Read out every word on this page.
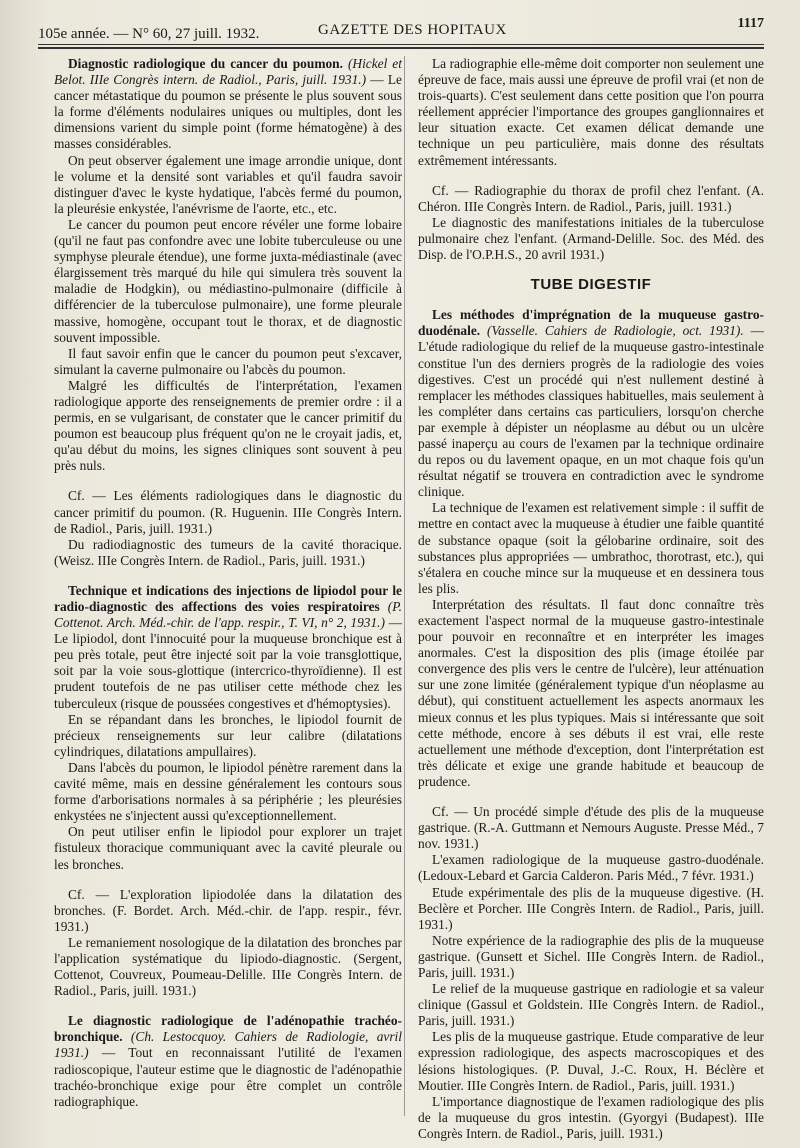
105e année. — N° 60, 27 juill. 1932.	GAZETTE DES HOPITAUX	1117

Diagnostic radiologique du cancer du poumon. (Hickel et Belot. IIIe Congrès intern. de Radiol., Paris, juill. 1931.) — Le cancer métastatique du poumon se présente le plus souvent sous la forme d'éléments nodulaires uniques ou multiples, dont les dimensions varient du simple point (forme hématogène) à des masses considérables.

On peut observer également une image arrondie unique, dont le volume et la densité sont variables et qu'il faudra savoir distinguer d'avec le kyste hydatique, l'abcès fermé du poumon, la pleurésie enkystée, l'anévrisme de l'aorte, etc., etc.

Le cancer du poumon peut encore révéler une forme lobaire (qu'il ne faut pas confondre avec une lobite tuberculeuse ou une symphyse pleurale étendue), une forme juxta-médiastinale (avec élargissement très marqué du hile qui simulera très souvent la maladie de Hodgkin), ou médiastino-pulmonaire (difficile à différencier de la tuberculose pulmonaire), une forme pleurale massive, homogène, occupant tout le thorax, et de diagnostic souvent impossible.

Il faut savoir enfin que le cancer du poumon peut s'excaver, simulant la caverne pulmonaire ou l'abcès du poumon.

Malgré les difficultés de l'interprétation, l'examen radiologique apporte des renseignements de premier ordre : il a permis, en se vulgarisant, de constater que le cancer primitif du poumon est beaucoup plus fréquent qu'on ne le croyait jadis, et, qu'au début du moins, les signes cliniques sont souvent à peu près nuls.

Cf. — Les éléments radiologiques dans le diagnostic du cancer primitif du poumon. (R. Huguenin. IIIe Congrès Intern. de Radiol., Paris, juill. 1931.)

Du radiodiagnostic des tumeurs de la cavité thoracique. (Weisz. IIIe Congrès Intern. de Radiol., Paris, juill. 1931.)

Technique et indications des injections de lipiodol pour le radio-diagnostic des affections des voies respiratoires (P. Cottenot. Arch. Méd.-chir. de l'app. respir., T. VI, n° 2, 1931.) — Le lipiodol, dont l'innocuité pour la muqueuse bronchique est à peu près totale, peut être injecté soit par la voie transglottique, soit par la voie sous-glottique (intercrico-thyroïdienne). Il est prudent toutefois de ne pas utiliser cette méthode chez les tuberculeux (risque de poussées congestives et d'hémoptysies).

En se répandant dans les bronches, le lipiodol fournit de précieux renseignements sur leur calibre (dilatations cylindriques, dilatations ampullaires).

Dans l'abcès du poumon, le lipiodol pénètre rarement dans la cavité même, mais en dessine généralement les contours sous forme d'arborisations normales à sa périphérie ; les pleurésies enkystées ne s'injectent aussi qu'exceptionnellement.

On peut utiliser enfin le lipiodol pour explorer un trajet fistuleux thoracique communiquant avec la cavité pleurale ou les bronches.

Cf. — L'exploration lipiodolée dans la dilatation des bronches. (F. Bordet. Arch. Méd.-chir. de l'app. respir., févr. 1931.)

Le remaniement nosologique de la dilatation des bronches par l'application systématique du lipiodo-diagnostic. (Sergent, Cottenot, Couvreux, Poumeau-Delille. IIIe Congrès Intern. de Radiol., Paris, juill. 1931.)

Le diagnostic radiologique de l'adénopathie trachéo-bronchique. (Ch. Lestocquoy. Cahiers de Radiologie, avril 1931.) — Tout en reconnaissant l'utilité de l'examen radioscopique, l'auteur estime que le diagnostic de l'adénopathie trachéo-bronchique exige pour être complet un contrôle radiographique.

La radiographie elle-même doit comporter non seulement une épreuve de face, mais aussi une épreuve de profil vrai (et non de trois-quarts). C'est seulement dans cette position que l'on pourra réellement apprécier l'importance des groupes ganglionnaires et leur situation exacte. Cet examen délicat demande une technique un peu particulière, mais donne des résultats extrêmement intéressants.

Cf. — Radiographie du thorax de profil chez l'enfant. (A. Chéron. IIIe Congrès Intern. de Radiol., Paris, juill. 1931.)

Le diagnostic des manifestations initiales de la tuberculose pulmonaire chez l'enfant. (Armand-Delille. Soc. des Méd. des Disp. de l'O.P.H.S., 20 avril 1931.)

TUBE DIGESTIF

Les méthodes d'imprégnation de la muqueuse gastro-duodénale. (Vasselle. Cahiers de Radiologie, oct. 1931). — L'étude radiologique du relief de la muqueuse gastro-intestinale constitue l'un des derniers progrès de la radiologie des voies digestives. C'est un procédé qui n'est nullement destiné à remplacer les méthodes classiques habituelles, mais seulement à les compléter dans certains cas particuliers, lorsqu'on cherche par exemple à dépister un néoplasme au début ou un ulcère passé inaperçu au cours de l'examen par la technique ordinaire du repos ou du lavement opaque, en un mot chaque fois qu'un résultat négatif se trouvera en contradiction avec le syndrome clinique.

La technique de l'examen est relativement simple : il suffit de mettre en contact avec la muqueuse à étudier une faible quantité de substance opaque (soit la gélobarine ordinaire, soit des substances plus appropriées — umbrathoc, thorotrast, etc.), qui s'étalera en couche mince sur la muqueuse et en dessinera tous les plis.

Interprétation des résultats. Il faut donc connaître très exactement l'aspect normal de la muqueuse gastro-intestinale pour pouvoir en reconnaître et en interpréter les images anormales. C'est la disposition des plis (image étoilée par convergence des plis vers le centre de l'ulcère), leur atténuation sur une zone limitée (généralement typique d'un néoplasme au début), qui constituent actuellement les aspects anormaux les mieux connus et les plus typiques. Mais si intéressante que soit cette méthode, encore à ses débuts il est vrai, elle reste actuellement une méthode d'exception, dont l'interprétation est très délicate et exige une grande habitude et beaucoup de prudence.

Cf. — Un procédé simple d'étude des plis de la muqueuse gastrique. (R.-A. Guttmann et Nemours Auguste. Presse Méd., 7 nov. 1931.)

L'examen radiologique de la muqueuse gastro-duodénale. (Ledoux-Lebard et Garcia Calderon. Paris Méd., 7 févr. 1931.)

Etude expérimentale des plis de la muqueuse digestive. (H. Beclère et Porcher. IIIe Congrès Intern. de Radiol., Paris, juill. 1931.)

Notre expérience de la radiographie des plis de la muqueuse gastrique. (Gunsett et Sichel. IIIe Congrès Intern. de Radiol., Paris, juill. 1931.)

Le relief de la muqueuse gastrique en radiologie et sa valeur clinique (Gassul et Goldstein. IIIe Congrès Intern. de Radiol., Paris, juill. 1931.)

Les plis de la muqueuse gastrique. Etude comparative de leur expression radiologique, des aspects macroscopiques et des lésions histologiques. (P. Duval, J.-C. Roux, H. Béclère et Moutier. IIIe Congrès Intern. de Radiol., Paris, juill. 1931.)

L'importance diagnostique de l'examen radiologique des plis de la muqueuse du gros intestin. (Gyorgyi (Budapest). IIIe Congrès Intern. de Radiol., Paris, juill. 1931.)
